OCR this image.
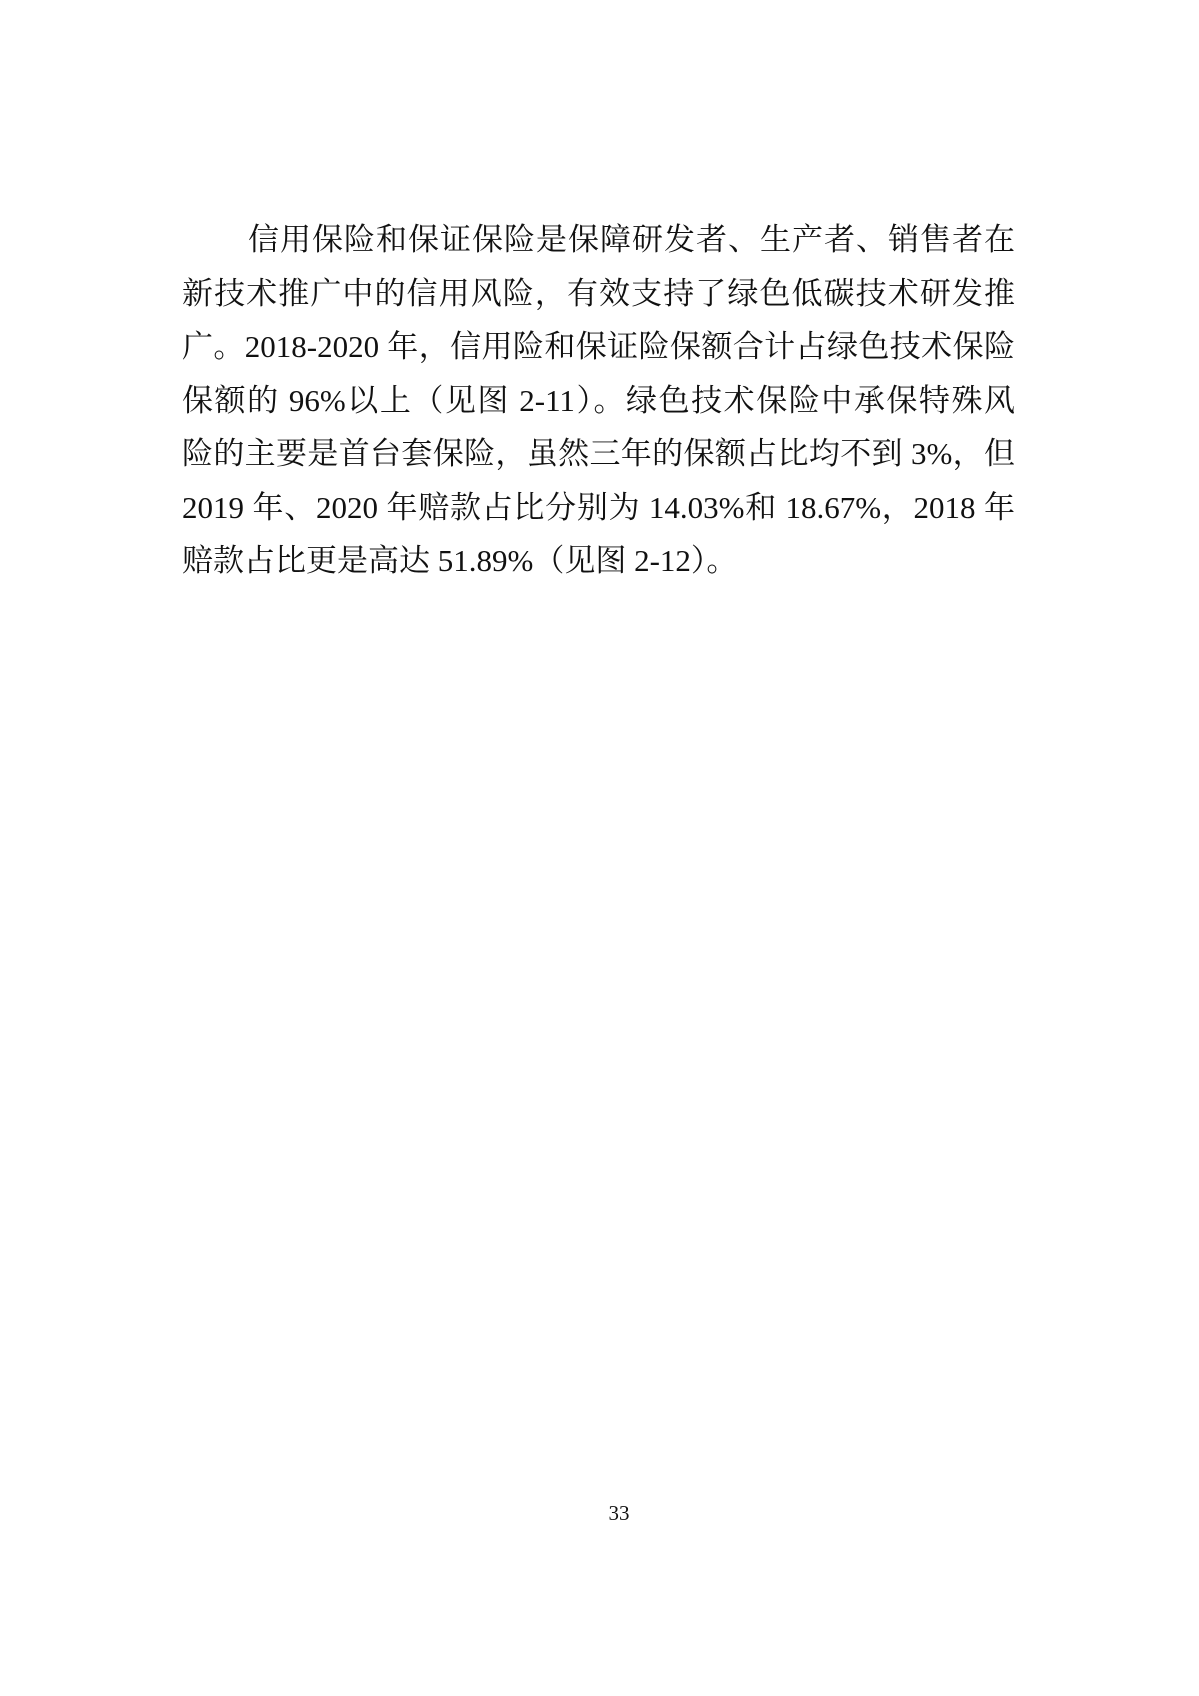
信用保险和保证保险是保障研发者、生产者、销售者在
新技术推广中的信用风险，有效支持了绿色低碳技术研发推
广。2018-2020 年，信用险和保证险保额合计占绿色技术保险
保额的 96%以上（见图 2-11）。绿色技术保险中承保特殊风
险的主要是首台套保险，虽然三年的保额占比均不到 3%，但
2019 年、2020 年赔款占比分别为 14.03%和 18.67%，2018 年
赔款占比更是高达 51.89%（见图 2-12）。
33
